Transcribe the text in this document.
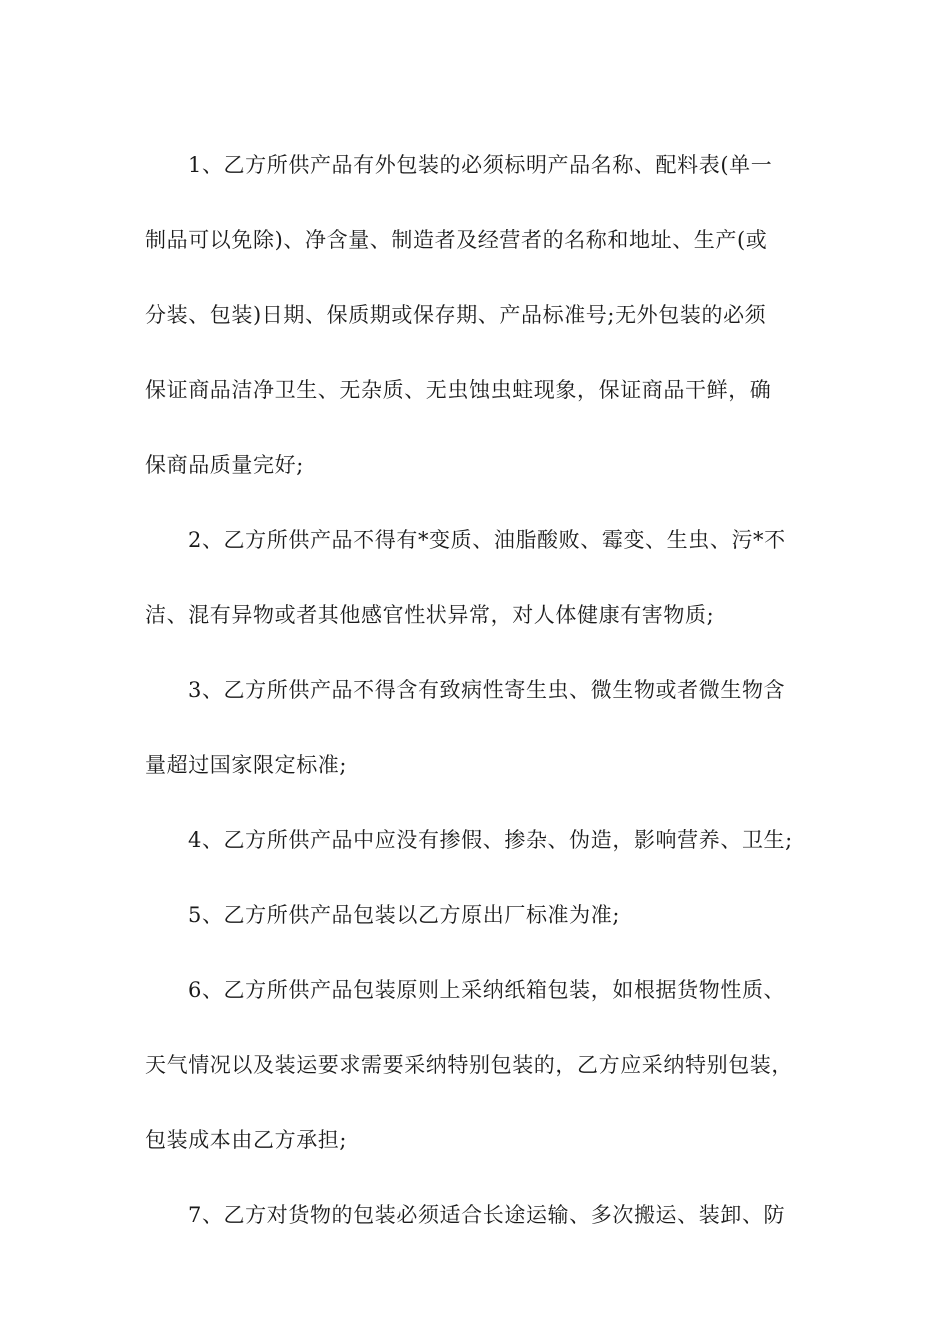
1、乙方所供产品有外包装的必须标明产品名称、配料表(单一
制品可以免除)、净含量、制造者及经营者的名称和地址、生产(或
分装、包装)日期、保质期或保存期、产品标准号;无外包装的必须
保证商品洁净卫生、无杂质、无虫蚀虫蛀现象，保证商品干鲜，确
保商品质量完好;

2、乙方所供产品不得有*变质、油脂酸败、霉变、生虫、污*不
洁、混有异物或者其他感官性状异常，对人体健康有害物质;

3、乙方所供产品不得含有致病性寄生虫、微生物或者微生物含
量超过国家限定标准;

4、乙方所供产品中应没有掺假、掺杂、伪造，影响营养、卫生;

5、乙方所供产品包装以乙方原出厂标准为准;

6、乙方所供产品包装原则上采纳纸箱包装，如根据货物性质、
天气情况以及装运要求需要采纳特别包装的，乙方应采纳特别包装，
包装成本由乙方承担;

7、乙方对货物的包装必须适合长途运输、多次搬运、装卸、防
